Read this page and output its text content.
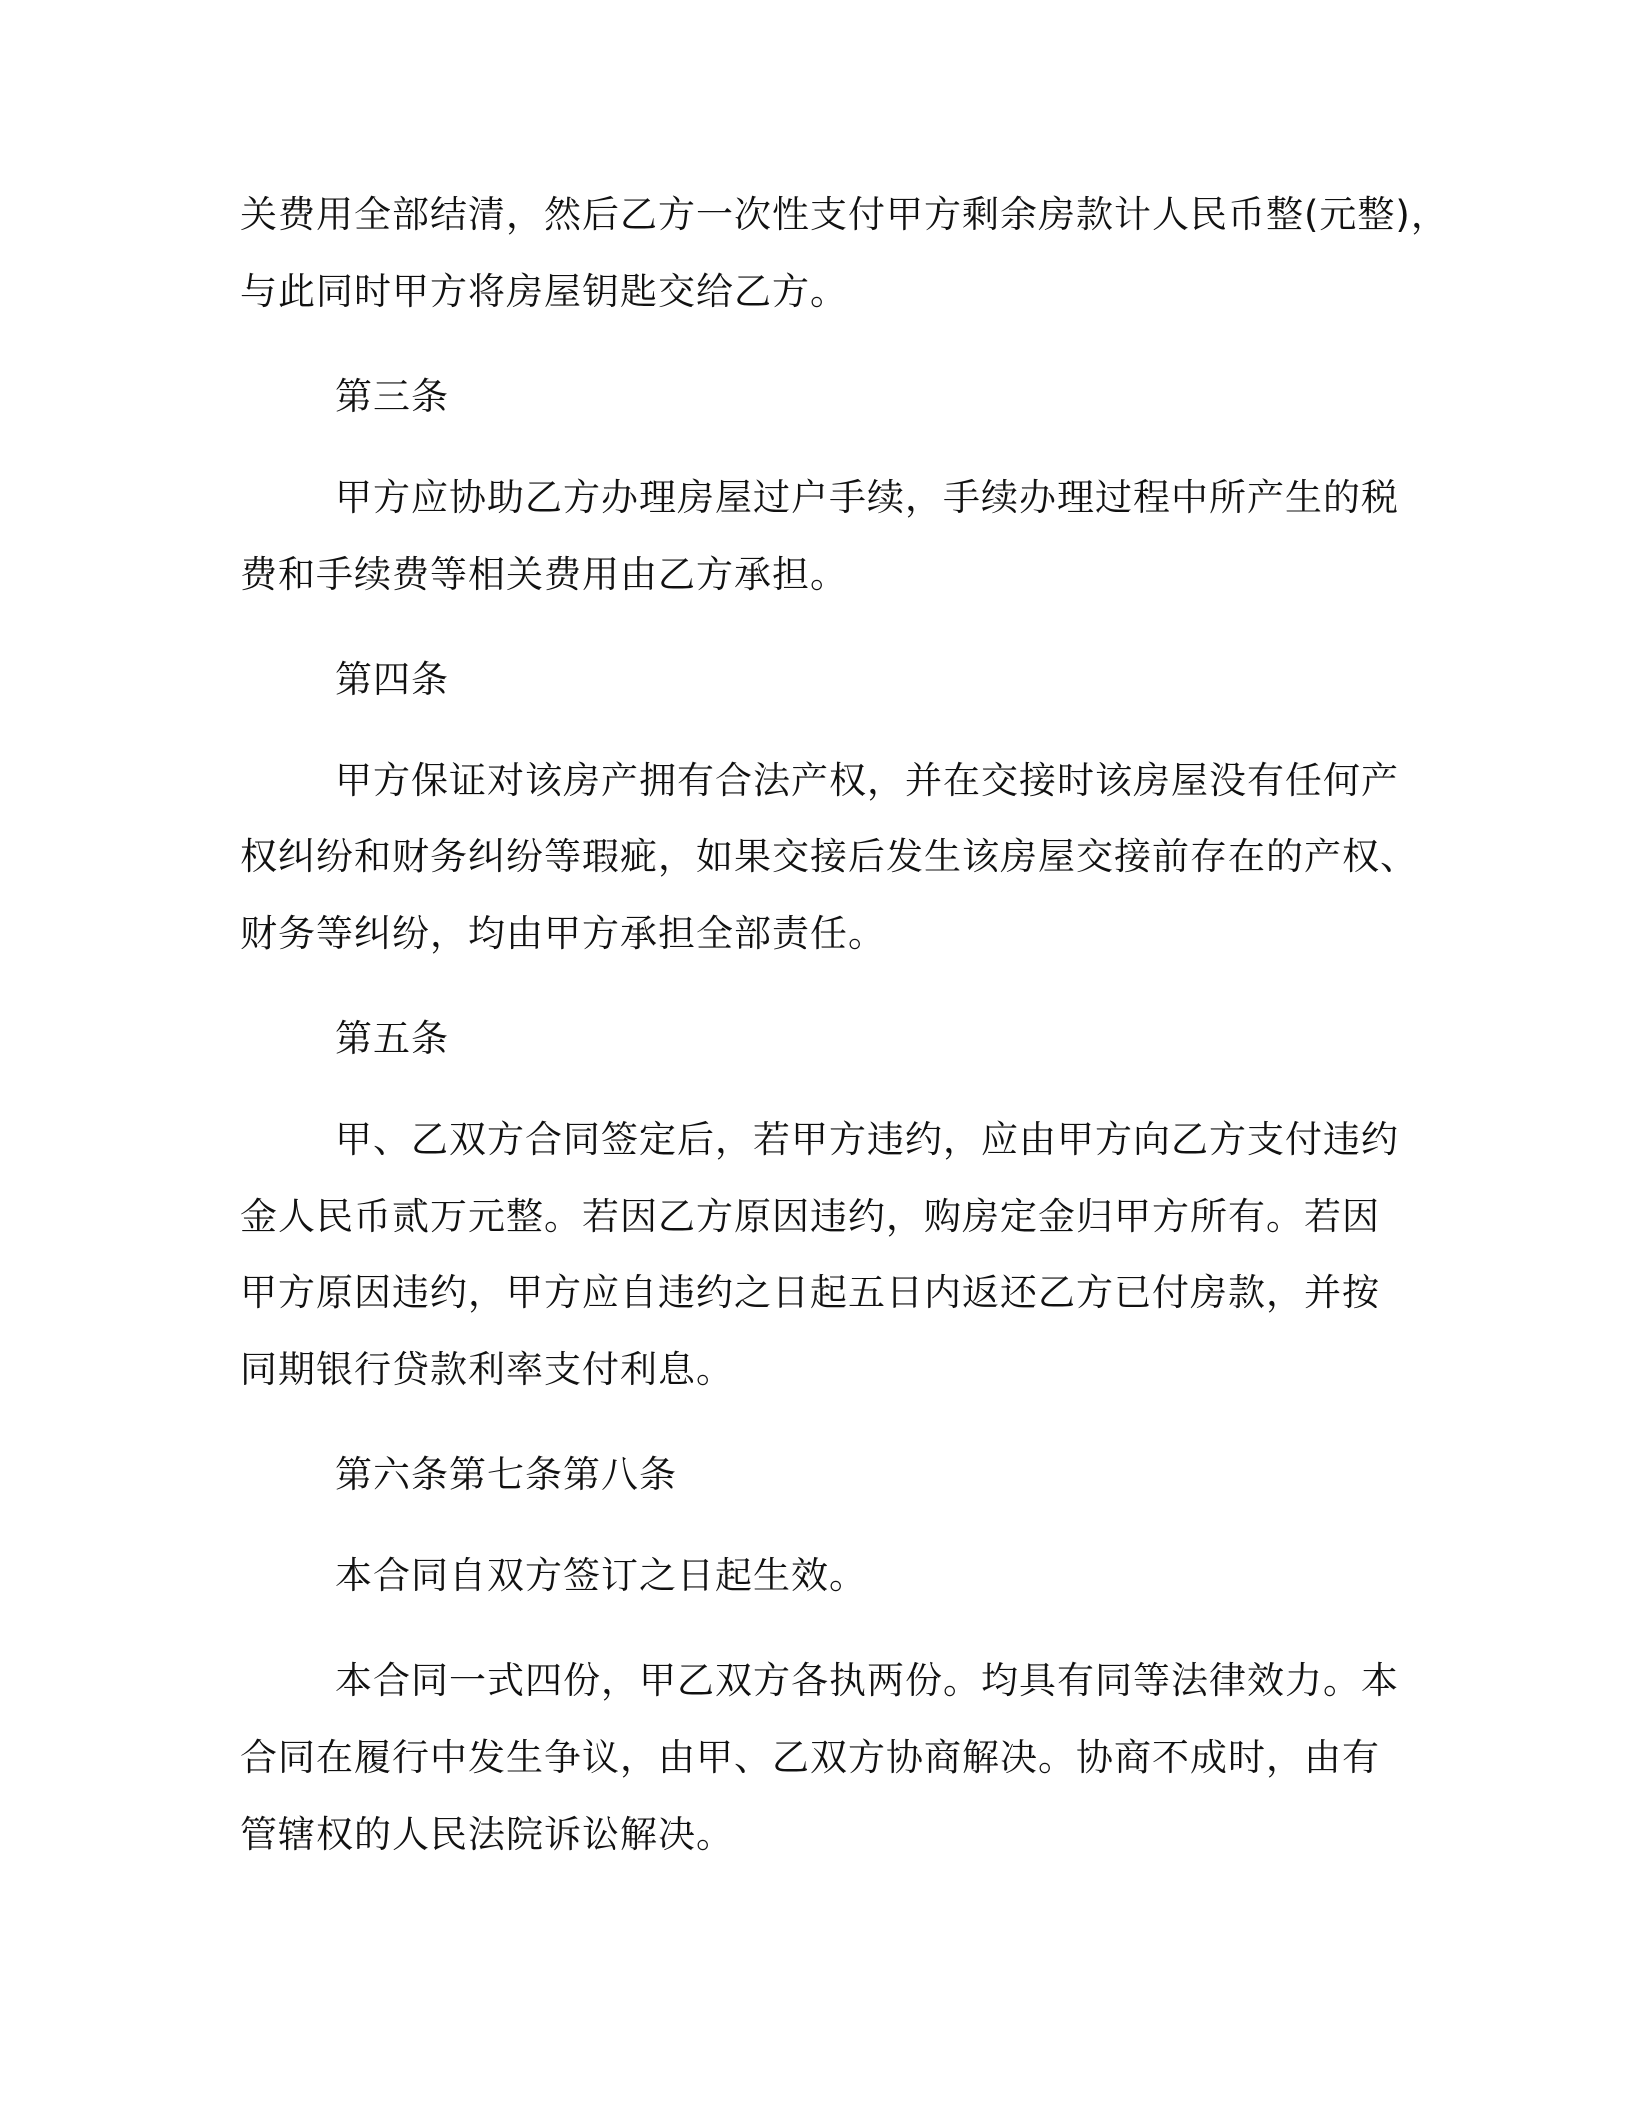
关费用全部结清，然后乙方一次性支付甲方剩余房款计人民币整(元整)，

与此同时甲方将房屋钥匙交给乙方。

第三条

甲方应协助乙方办理房屋过户手续，手续办理过程中所产生的税

费和手续费等相关费用由乙方承担。

第四条

甲方保证对该房产拥有合法产权，并在交接时该房屋没有任何产

权纠纷和财务纠纷等瑕疵，如果交接后发生该房屋交接前存在的产权、

财务等纠纷，均由甲方承担全部责任。

第五条

甲、乙双方合同签定后，若甲方违约，应由甲方向乙方支付违约

金人民币贰万元整。若因乙方原因违约，购房定金归甲方所有。若因

甲方原因违约，甲方应自违约之日起五日内返还乙方已付房款，并按

同期银行贷款利率支付利息。

第六条第七条第八条

本合同自双方签订之日起生效。

本合同一式四份，甲乙双方各执两份。均具有同等法律效力。本

合同在履行中发生争议，由甲、乙双方协商解决。协商不成时，由有

管辖权的人民法院诉讼解决。
